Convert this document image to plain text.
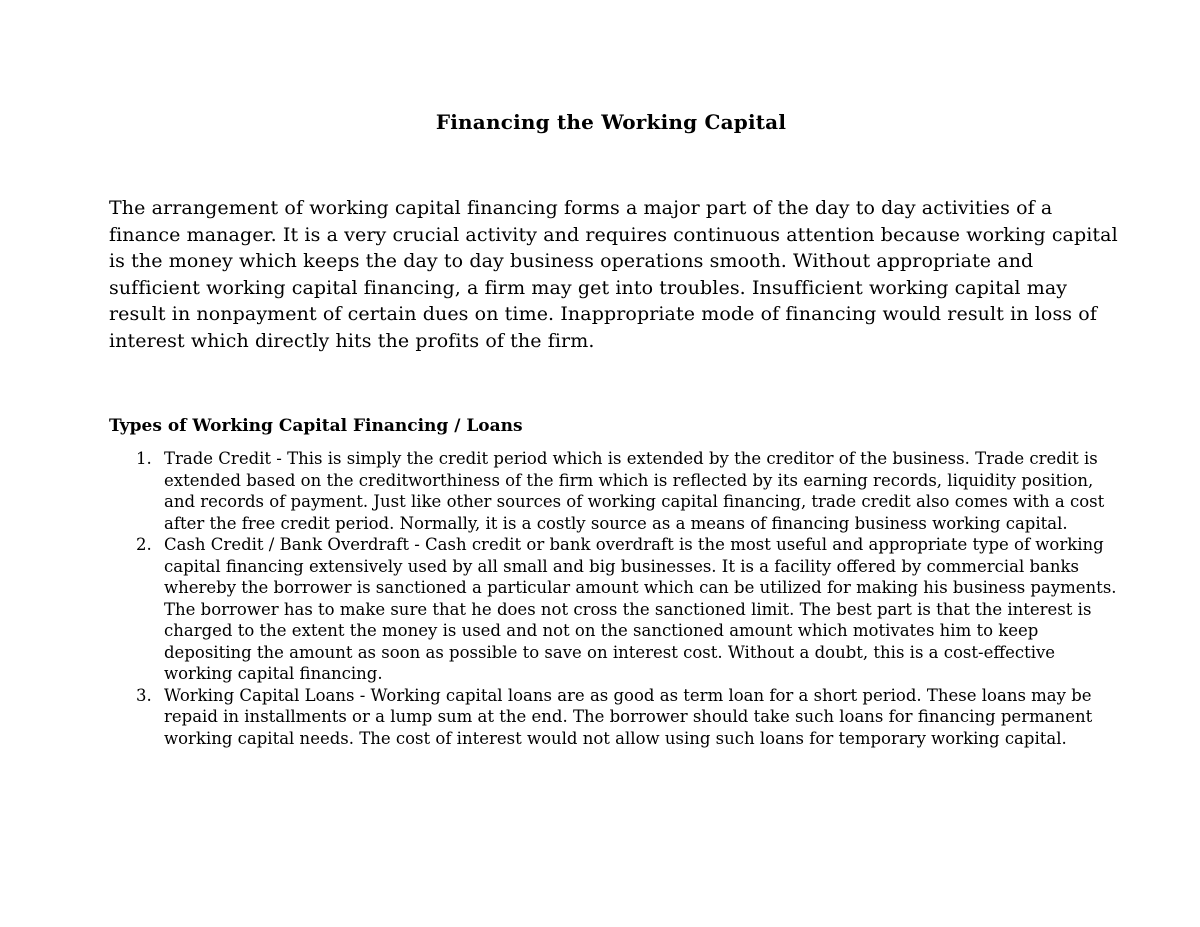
Financing the Working Capital

The arrangement of working capital financing forms a major part of the day to day activities of a finance manager. It is a very crucial activity and requires continuous attention because working capital is the money which keeps the day to day business operations smooth. Without appropriate and sufficient working capital financing, a firm may get into troubles. Insufficient working capital may result in nonpayment of certain dues on time. Inappropriate mode of financing would result in loss of interest which directly hits the profits of the firm.

Types of Working Capital Financing / Loans
1. Trade Credit - This is simply the credit period which is extended by the creditor of the business. Trade credit is extended based on the creditworthiness of the firm which is reflected by its earning records, liquidity position, and records of payment. Just like other sources of working capital financing, trade credit also comes with a cost after the free credit period. Normally, it is a costly source as a means of financing business working capital.
2. Cash Credit / Bank Overdraft - Cash credit or bank overdraft is the most useful and appropriate type of working capital financing extensively used by all small and big businesses. It is a facility offered by commercial banks whereby the borrower is sanctioned a particular amount which can be utilized for making his business payments. The borrower has to make sure that he does not cross the sanctioned limit. The best part is that the interest is charged to the extent the money is used and not on the sanctioned amount which motivates him to keep depositing the amount as soon as possible to save on interest cost. Without a doubt, this is a cost-effective working capital financing.
3. Working Capital Loans - Working capital loans are as good as term loan for a short period. These loans may be repaid in installments or a lump sum at the end. The borrower should take such loans for financing permanent working capital needs. The cost of interest would not allow using such loans for temporary working capital.
